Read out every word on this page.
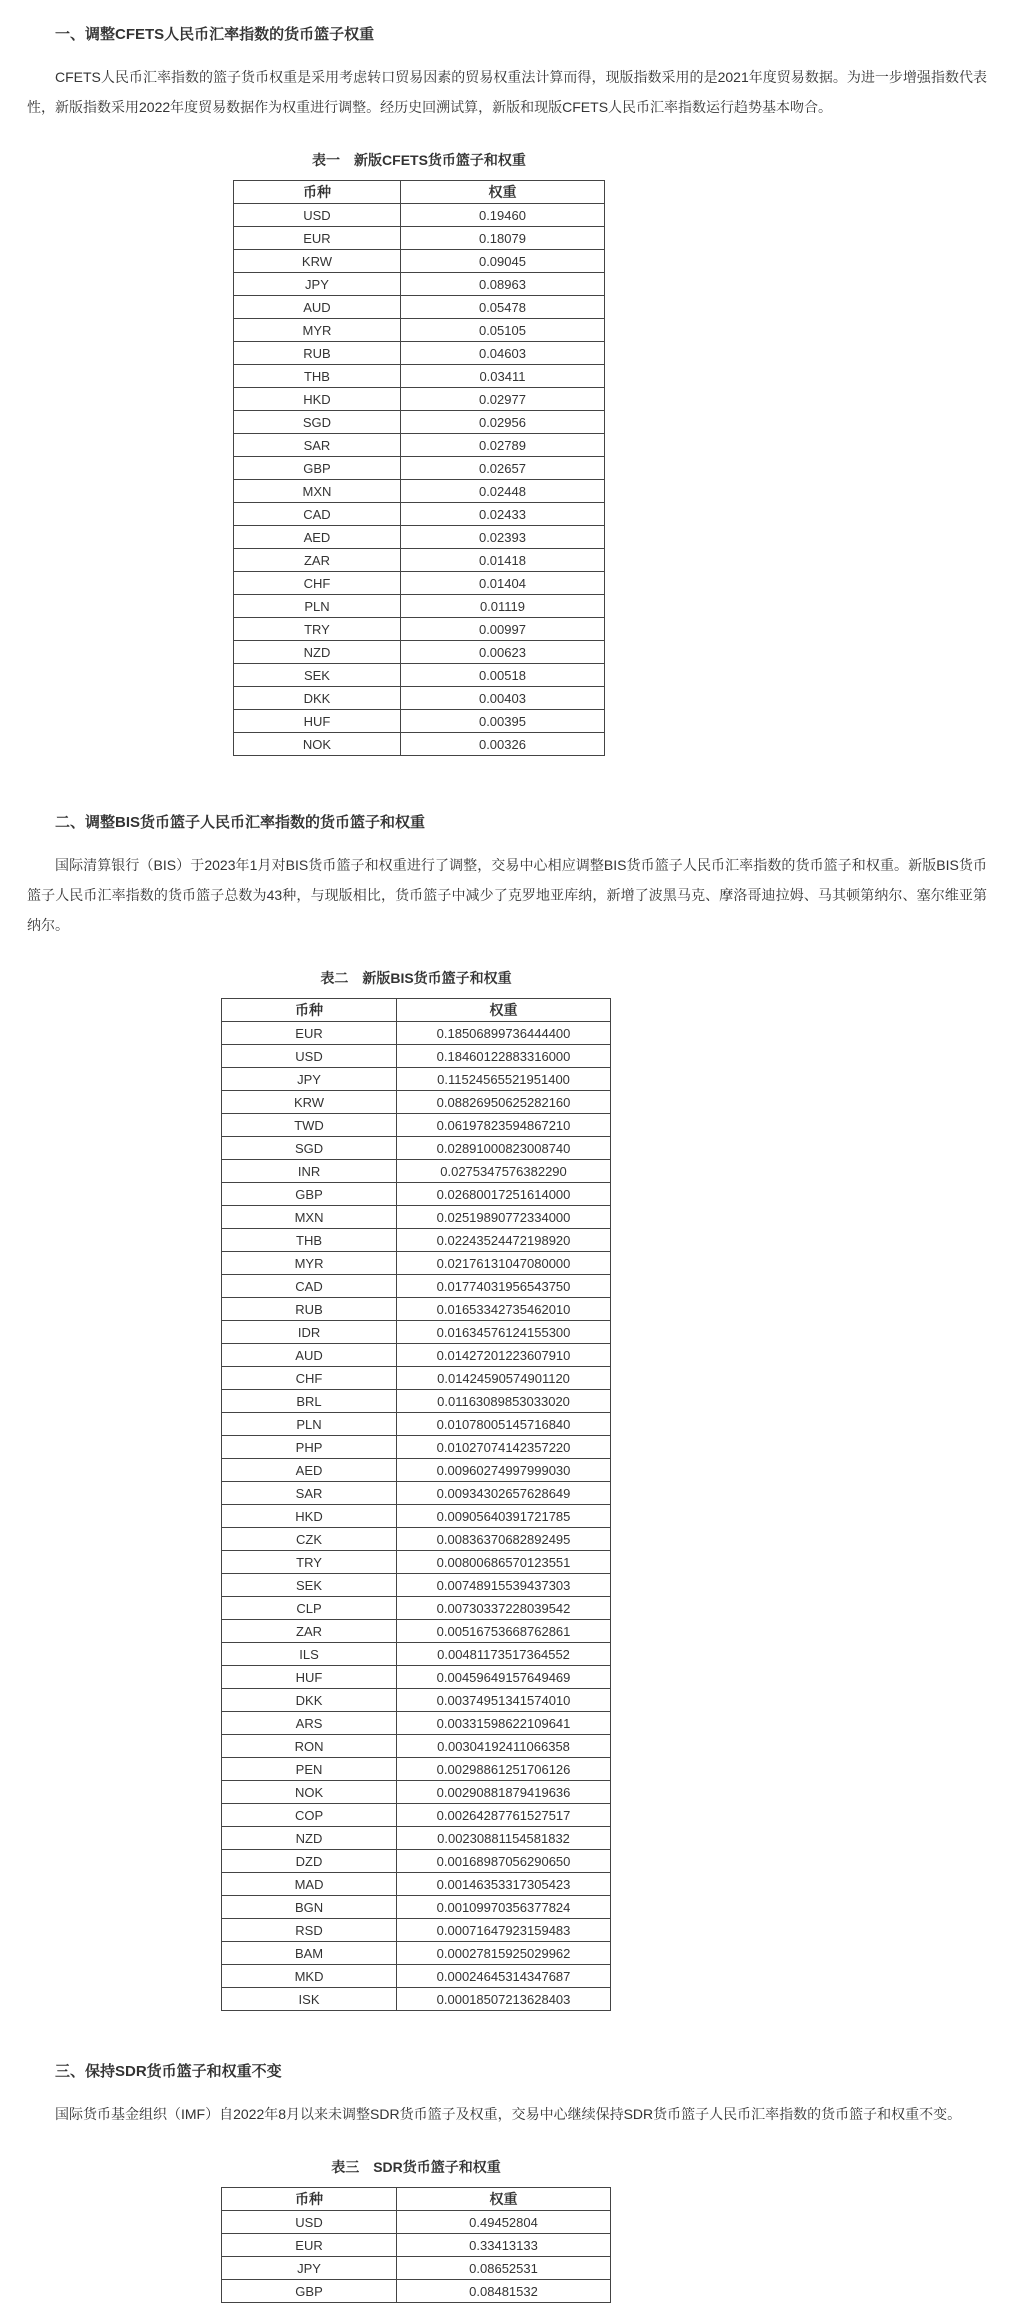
一、调整CFETS人民币汇率指数的货币篮子权重

CFETS人民币汇率指数的篮子货币权重是采用考虑转口贸易因素的贸易权重法计算而得，现版指数采用的是2021年度贸易数据。为进一步增强指数代表性，新版指数采用2022年度贸易数据作为权重进行调整。经历史回溯试算，新版和现版CFETS人民币汇率指数运行趋势基本吻合。

表一　新版CFETS货币篮子和权重
币种	权重
USD	0.19460
EUR	0.18079
KRW	0.09045
JPY	0.08963
AUD	0.05478
MYR	0.05105
RUB	0.04603
THB	0.03411
HKD	0.02977
SGD	0.02956
SAR	0.02789
GBP	0.02657
MXN	0.02448
CAD	0.02433
AED	0.02393
ZAR	0.01418
CHF	0.01404
PLN	0.01119
TRY	0.00997
NZD	0.00623
SEK	0.00518
DKK	0.00403
HUF	0.00395
NOK	0.00326
二、调整BIS货币篮子人民币汇率指数的货币篮子和权重

国际清算银行（BIS）于2023年1月对BIS货币篮子和权重进行了调整，交易中心相应调整BIS货币篮子人民币汇率指数的货币篮子和权重。新版BIS货币篮子人民币汇率指数的货币篮子总数为43种，与现版相比，货币篮子中减少了克罗地亚库纳，新增了波黑马克、摩洛哥迪拉姆、马其顿第纳尔、塞尔维亚第纳尔。

表二　新版BIS货币篮子和权重
币种	权重
EUR	0.18506899736444400
USD	0.18460122883316000
JPY	0.11524565521951400
KRW	0.08826950625282160
TWD	0.06197823594867210
SGD	0.02891000823008740
INR	0.0275347576382290
GBP	0.02680017251614000
MXN	0.02519890772334000
THB	0.02243524472198920
MYR	0.02176131047080000
CAD	0.01774031956543750
RUB	0.01653342735462010
IDR	0.01634576124155300
AUD	0.01427201223607910
CHF	0.01424590574901120
BRL	0.01163089853033020
PLN	0.01078005145716840
PHP	0.01027074142357220
AED	0.00960274997999030
SAR	0.00934302657628649
HKD	0.00905640391721785
CZK	0.00836370682892495
TRY	0.00800686570123551
SEK	0.00748915539437303
CLP	0.00730337228039542
ZAR	0.00516753668762861
ILS	0.00481173517364552
HUF	0.00459649157649469
DKK	0.00374951341574010
ARS	0.00331598622109641
RON	0.00304192411066358
PEN	0.00298861251706126
NOK	0.00290881879419636
COP	0.00264287761527517
NZD	0.00230881154581832
DZD	0.00168987056290650
MAD	0.00146353317305423
BGN	0.00109970356377824
RSD	0.00071647923159483
BAM	0.00027815925029962
MKD	0.00024645314347687
ISK	0.00018507213628403
三、保持SDR货币篮子和权重不变

国际货币基金组织（IMF）自2022年8月以来未调整SDR货币篮子及权重，交易中心继续保持SDR货币篮子人民币汇率指数的货币篮子和权重不变。

表三　SDR货币篮子和权重
币种	权重
USD	0.49452804
EUR	0.33413133
JPY	0.08652531
GBP	0.08481532
